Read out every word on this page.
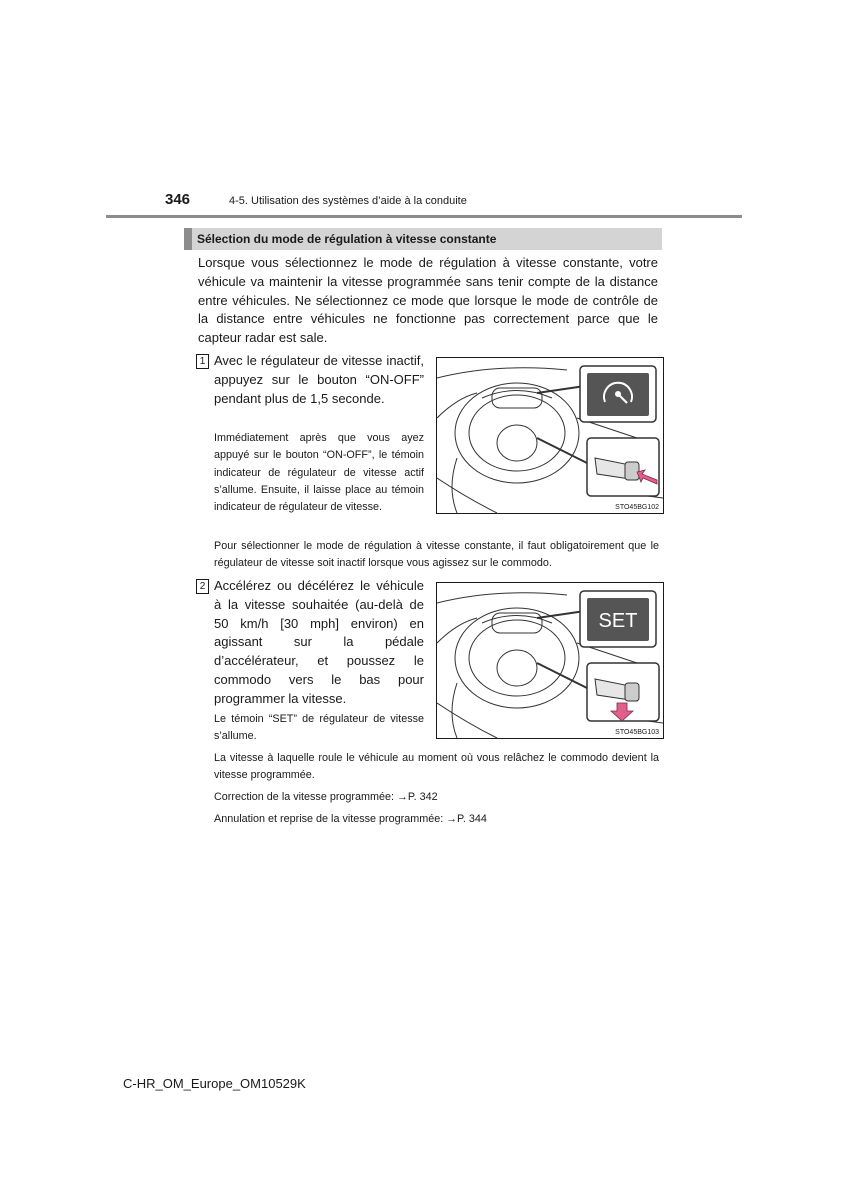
346	4-5. Utilisation des systèmes d’aide à la conduite
Sélection du mode de régulation à vitesse constante
Lorsque vous sélectionnez le mode de régulation à vitesse constante, votre véhicule va maintenir la vitesse programmée sans tenir compte de la distance entre véhicules. Ne sélectionnez ce mode que lorsque le mode de contrôle de la distance entre véhicules ne fonctionne pas correctement parce que le capteur radar est sale.
1 Avec le régulateur de vitesse inactif, appuyez sur le bouton “ON-OFF” pendant plus de 1,5 seconde.
Immédiatement après que vous ayez appuyé sur le bouton “ON-OFF”, le témoin indicateur de régulateur de vitesse actif s’allume. Ensuite, il laisse place au témoin indicateur de régulateur de vitesse.	STO45BG102
Pour sélectionner le mode de régulation à vitesse constante, il faut obligatoirement que le régulateur de vitesse soit inactif lorsque vous agissez sur le commodo.
2 Accélérez ou décélérez le véhicule à la vitesse souhaitée (au-delà de 50 km/h [30 mph] environ) en agissant sur la pédale d’accélérateur, et poussez le commodo vers le bas pour programmer la vitesse.
Le témoin “SET” de régulateur de vitesse s’allume.
SET
STO45BG103
La vitesse à laquelle roule le véhicule au moment où vous relâchez le commodo devient la vitesse programmée.
Correction de la vitesse programmée: →P. 342
Annulation et reprise de la vitesse programmée: →P. 344
C-HR_OM_Europe_OM10529K
